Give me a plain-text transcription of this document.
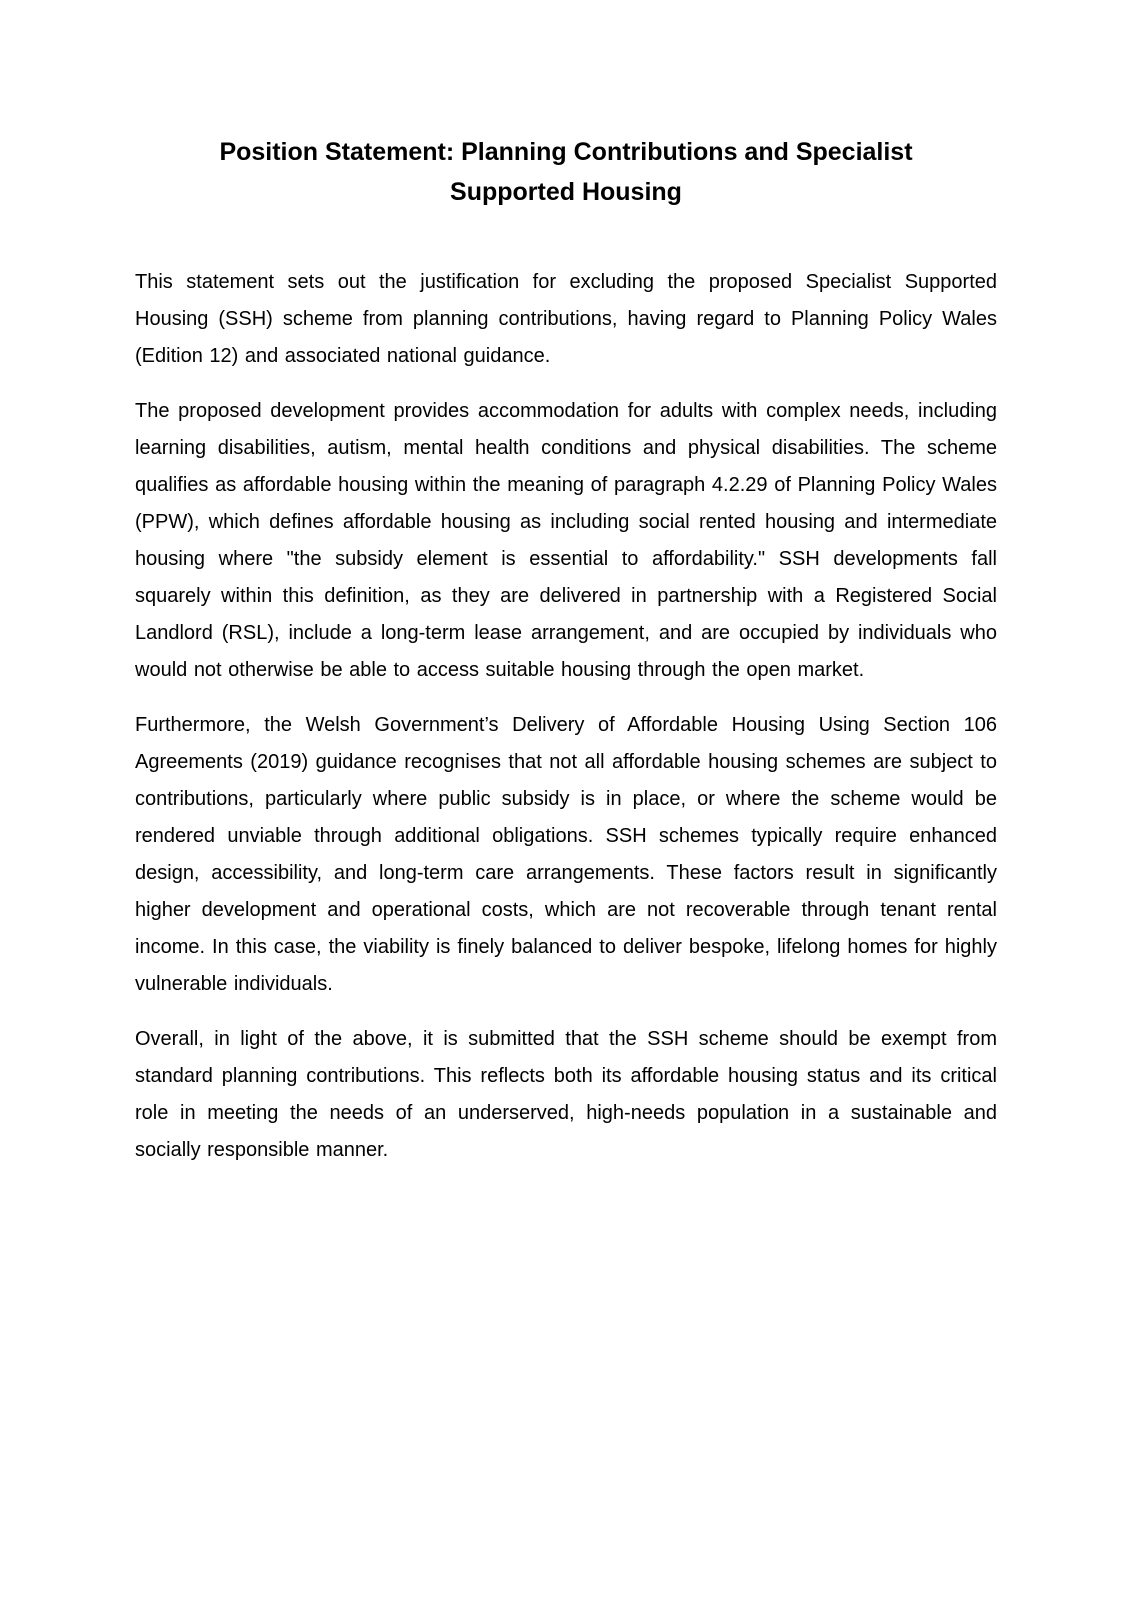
Position Statement: Planning Contributions and Specialist
Supported Housing

This statement sets out the justification for excluding the proposed Specialist Supported Housing (SSH) scheme from planning contributions, having regard to Planning Policy Wales (Edition 12) and associated national guidance.

The proposed development provides accommodation for adults with complex needs, including learning disabilities, autism, mental health conditions and physical disabilities. The scheme qualifies as affordable housing within the meaning of paragraph 4.2.29 of Planning Policy Wales (PPW), which defines affordable housing as including social rented housing and intermediate housing where "the subsidy element is essential to affordability." SSH developments fall squarely within this definition, as they are delivered in partnership with a Registered Social Landlord (RSL), include a long-term lease arrangement, and are occupied by individuals who would not otherwise be able to access suitable housing through the open market.

Furthermore, the Welsh Government’s Delivery of Affordable Housing Using Section 106 Agreements (2019) guidance recognises that not all affordable housing schemes are subject to contributions, particularly where public subsidy is in place, or where the scheme would be rendered unviable through additional obligations. SSH schemes typically require enhanced design, accessibility, and long-term care arrangements. These factors result in significantly higher development and operational costs, which are not recoverable through tenant rental income. In this case, the viability is finely balanced to deliver bespoke, lifelong homes for highly vulnerable individuals.

Overall, in light of the above, it is submitted that the SSH scheme should be exempt from standard planning contributions. This reflects both its affordable housing status and its critical role in meeting the needs of an underserved, high-needs population in a sustainable and socially responsible manner.
